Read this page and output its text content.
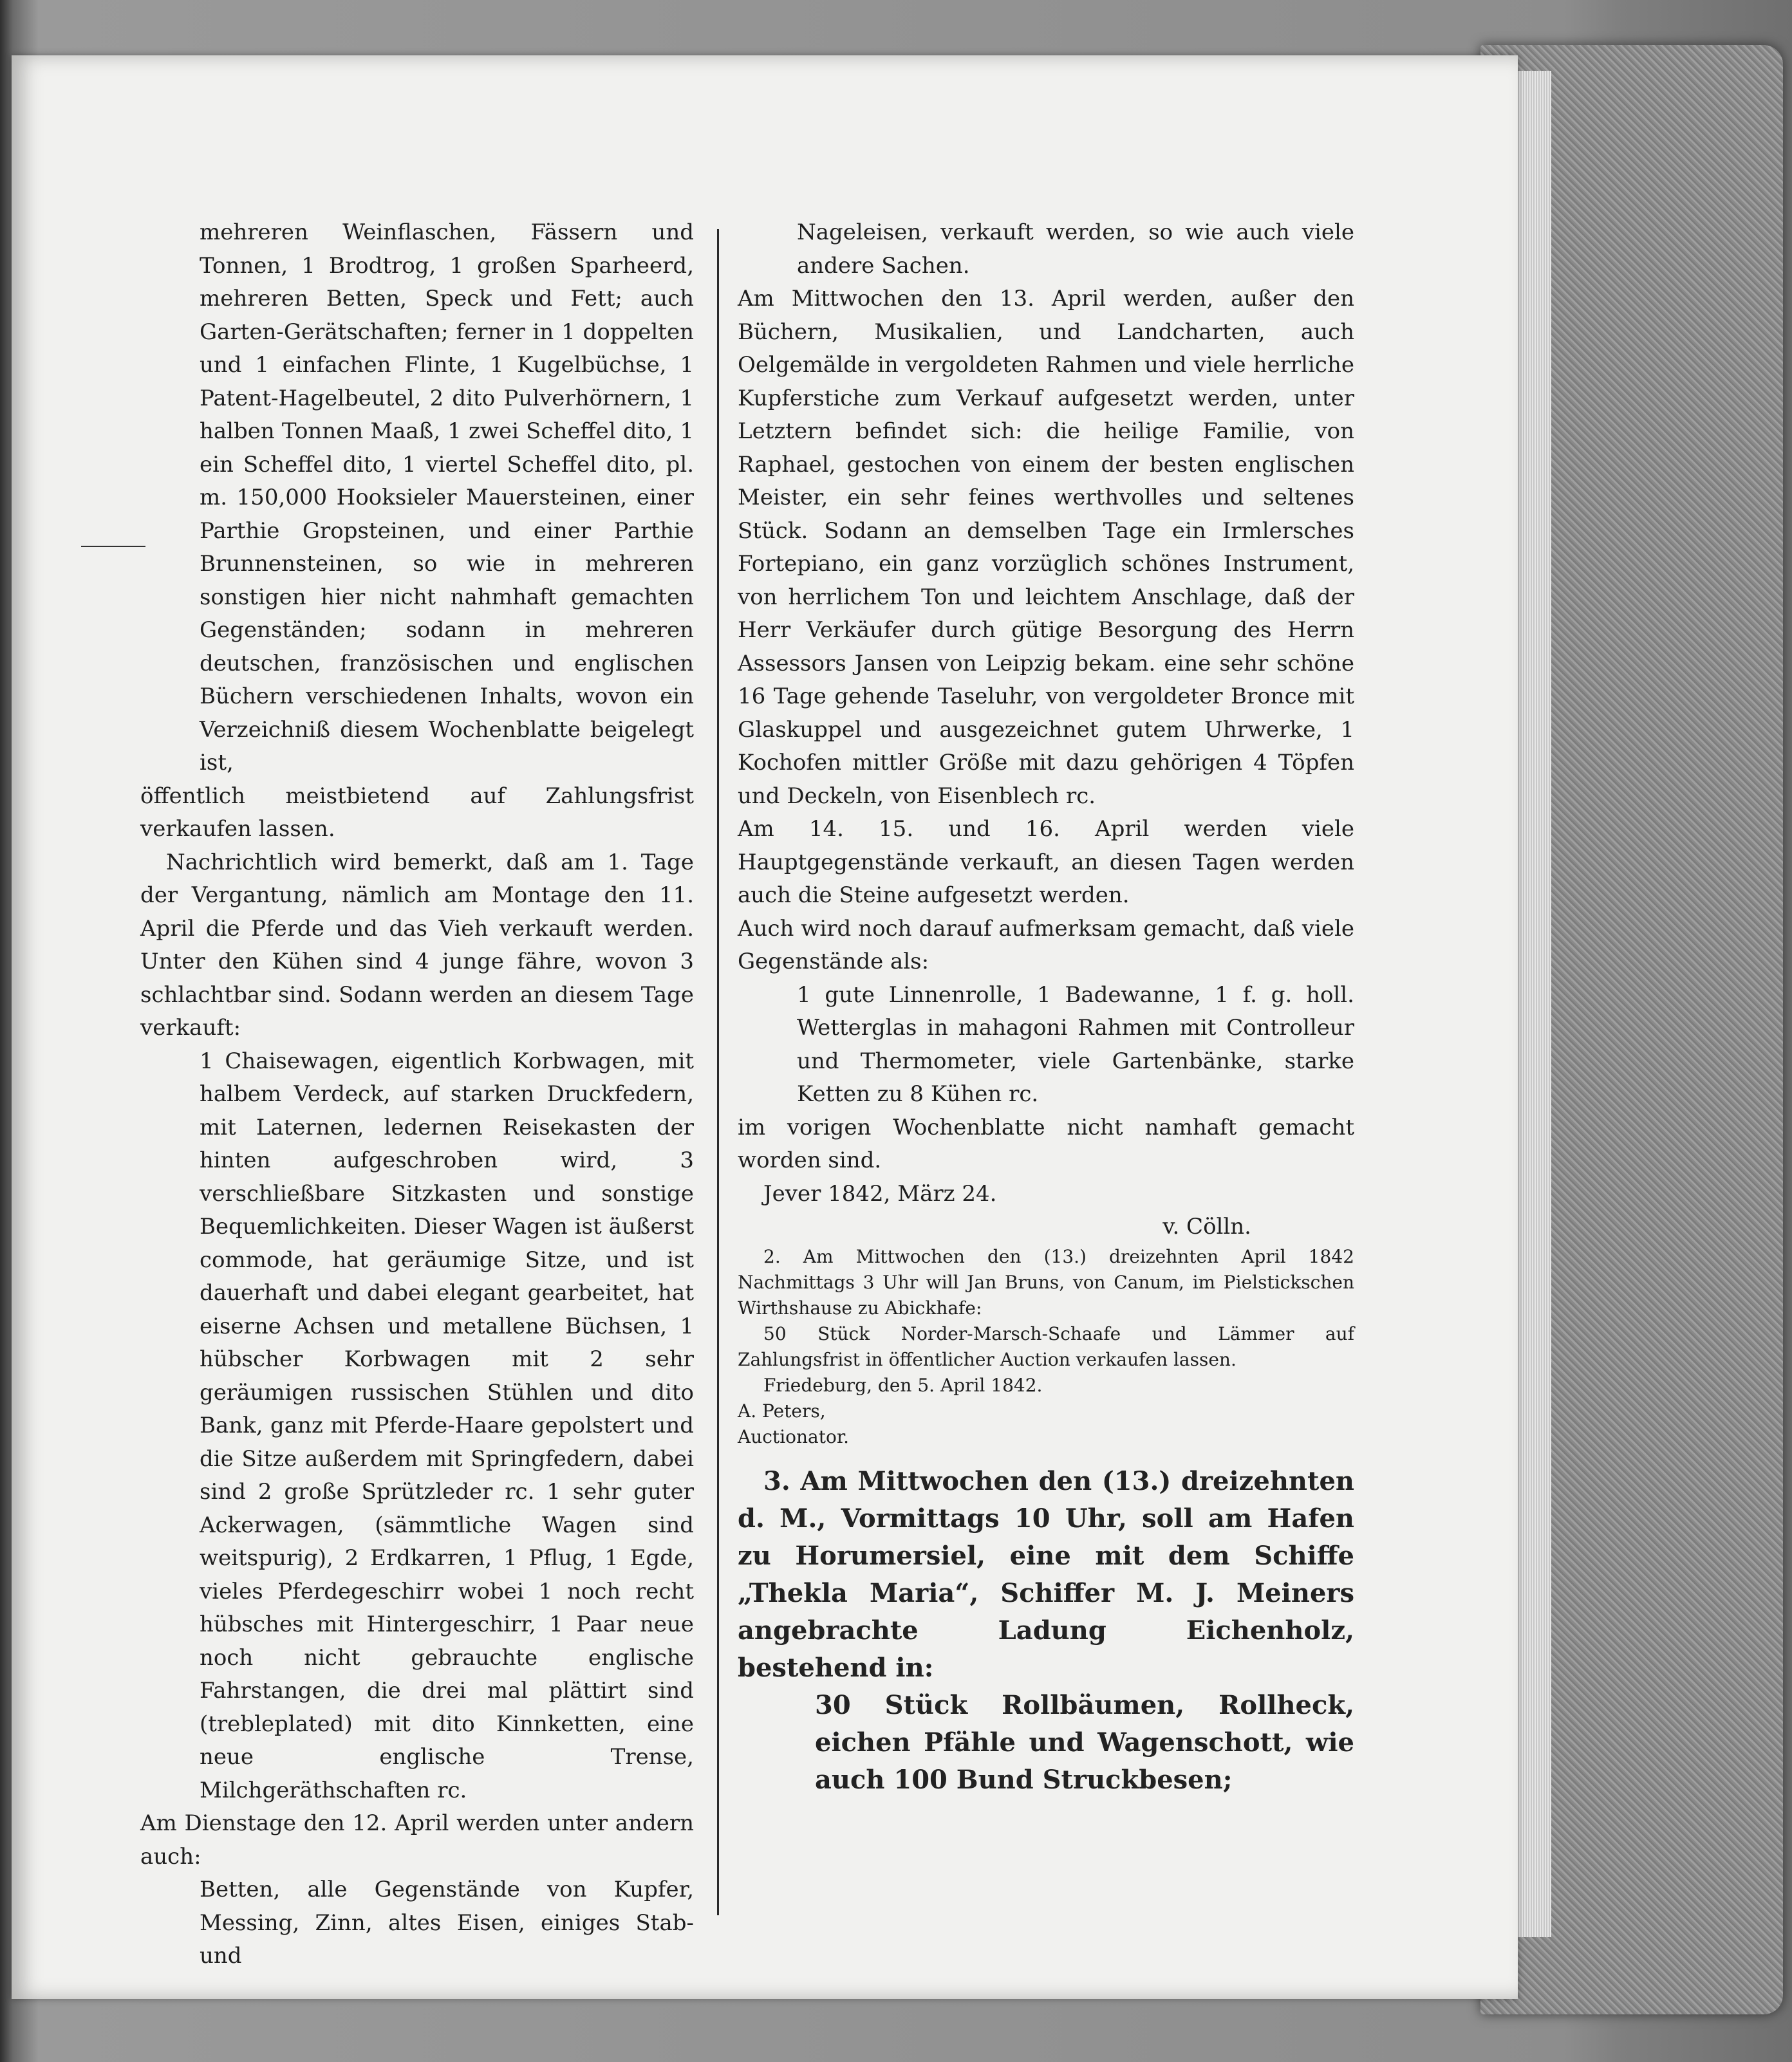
mehreren Weinflaschen, Fässern und Tonnen, 1 Brodtrog, 1 großen Sparheerd, mehreren Betten, Speck und Fett; auch Garten-Gerätschaften; ferner in 1 doppelten und 1 einfachen Flinte, 1 Kugelbüchse, 1 Patent-Hagelbeutel, 2 dito Pulverhörnern, 1 halben Tonnen Maaß, 1 zwei Scheffel dito, 1 ein Scheffel dito, 1 viertel Scheffel dito, pl. m. 150,000 Hooksieler Mauersteinen, einer Parthie Gropsteinen, und einer Parthie Brunnensteinen, so wie in mehreren sonstigen hier nicht nahmhaft gemachten Gegenständen; sodann in mehreren deutschen, französischen und englischen Büchern verschiedenen Inhalts, wovon ein Verzeichniß diesem Wochenblatte beigelegt ist,

öffentlich meistbietend auf Zahlungsfrist verkaufen lassen.

Nachrichtlich wird bemerkt, daß am 1. Tage der Vergantung, nämlich am Montage den 11. April die Pferde und das Vieh verkauft werden. Unter den Kühen sind 4 junge fähre, wovon 3 schlachtbar sind. Sodann werden an diesem Tage verkauft:

1 Chaisewagen, eigentlich Korbwagen, mit halbem Verdeck, auf starken Druckfedern, mit Laternen, ledernen Reisekasten der hinten aufgeschroben wird, 3 verschließbare Sitzkasten und sonstige Bequemlichkeiten. Dieser Wagen ist äußerst commode, hat geräumige Sitze, und ist dauerhaft und dabei elegant gearbeitet, hat eiserne Achsen und metallene Büchsen, 1 hübscher Korbwagen mit 2 sehr geräumigen russischen Stühlen und dito Bank, ganz mit Pferde-Haare gepolstert und die Sitze außerdem mit Springfedern, dabei sind 2 große Sprützleder rc. 1 sehr guter Ackerwagen, (sämmtliche Wagen sind weitspurig), 2 Erdkarren, 1 Pflug, 1 Egde, vieles Pferdegeschirr wobei 1 noch recht hübsches mit Hintergeschirr, 1 Paar neue noch nicht gebrauchte englische Fahrstangen, die drei mal plättirt sind (trebleplated) mit dito Kinnketten, eine neue englische Trense, Milchgeräthschaften rc.

Am Dienstage den 12. April werden unter andern auch:

Betten, alle Gegenstände von Kupfer, Messing, Zinn, altes Eisen, einiges Stab- und

Nageleisen, verkauft werden, so wie auch viele andere Sachen.

Am Mittwochen den 13. April werden, außer den Büchern, Musikalien, und Landcharten, auch Oelgemälde in vergoldeten Rahmen und viele herrliche Kupferstiche zum Verkauf aufgesetzt werden, unter Letztern befindet sich: die heilige Familie, von Raphael, gestochen von einem der besten englischen Meister, ein sehr feines werthvolles und seltenes Stück. Sodann an demselben Tage ein Irmlersches Fortepiano, ein ganz vorzüglich schönes Instrument, von herrlichem Ton und leichtem Anschlage, daß der Herr Verkäufer durch gütige Besorgung des Herrn Assessors Jansen von Leipzig bekam. eine sehr schöne 16 Tage gehende Taseluhr, von vergoldeter Bronce mit Glaskuppel und ausgezeichnet gutem Uhrwerke, 1 Kochofen mittler Größe mit dazu gehörigen 4 Töpfen und Deckeln, von Eisenblech rc.

Am 14. 15. und 16. April werden viele Hauptgegenstände verkauft, an diesen Tagen werden auch die Steine aufgesetzt werden.

Auch wird noch darauf aufmerksam gemacht, daß viele Gegenstände als:

1 gute Linnenrolle, 1 Badewanne, 1 f. g. holl. Wetterglas in mahagoni Rahmen mit Controlleur und Thermometer, viele Gartenbänke, starke Ketten zu 8 Kühen rc.

im vorigen Wochenblatte nicht namhaft gemacht worden sind.

Jever 1842, März 24.

v. Cölln.

2. Am Mittwochen den (13.) dreizehnten April 1842 Nachmittags 3 Uhr will Jan Bruns, von Canum, im Pielstickschen Wirthshause zu Abickhafe:

50 Stück Norder-Marsch-Schaafe und Lämmer auf Zahlungsfrist in öffentlicher Auction verkaufen lassen.

Friedeburg, den 5. April 1842.

A. Peters,

Auctionator.

3. Am Mittwochen den (13.) dreizehnten d. M., Vormittags 10 Uhr, soll am Hafen zu Horumersiel, eine mit dem Schiffe „Thekla Maria“, Schiffer M. J. Meiners angebrachte Ladung Eichenholz, bestehend in:

30 Stück Rollbäumen, Rollheck, eichen Pfähle und Wagenschott, wie auch 100 Bund Struckbesen;
